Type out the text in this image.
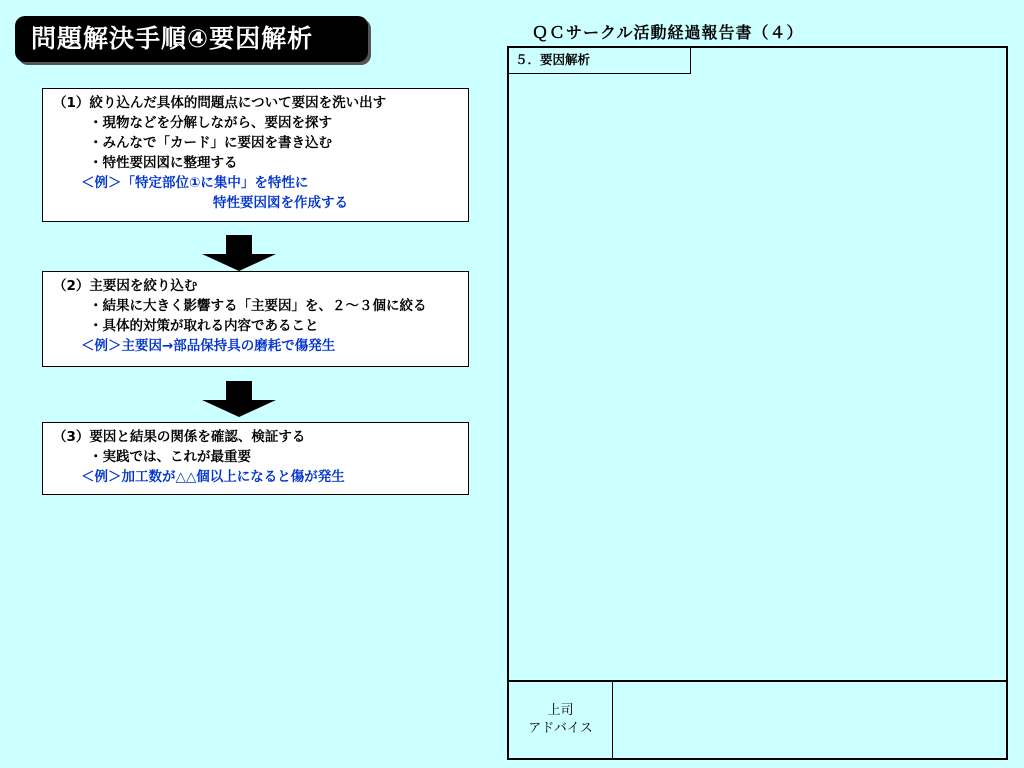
問題解決手順④要因解析	ＱＣサークル活動経過報告書（４）
（1）絞り込んだ具体的問題点について要因を洗い出す
・現物などを分解しながら、要因を探す
・みんなで「カード」に要因を書き込む
・特性要因図に整理する
＜例＞「特定部位①に集中」を特性に
特性要因図を作成する
（2）主要因を絞り込む
・結果に大きく影響する「主要因」を、２～３個に絞る
・具体的対策が取れる内容であること
＜例＞主要因→部品保持具の磨耗で傷発生
（3）要因と結果の関係を確認、検証する
・実践では、これが最重要
＜例＞加工数が△△個以上になると傷が発生
５．要因解析
上司
アドバイス
